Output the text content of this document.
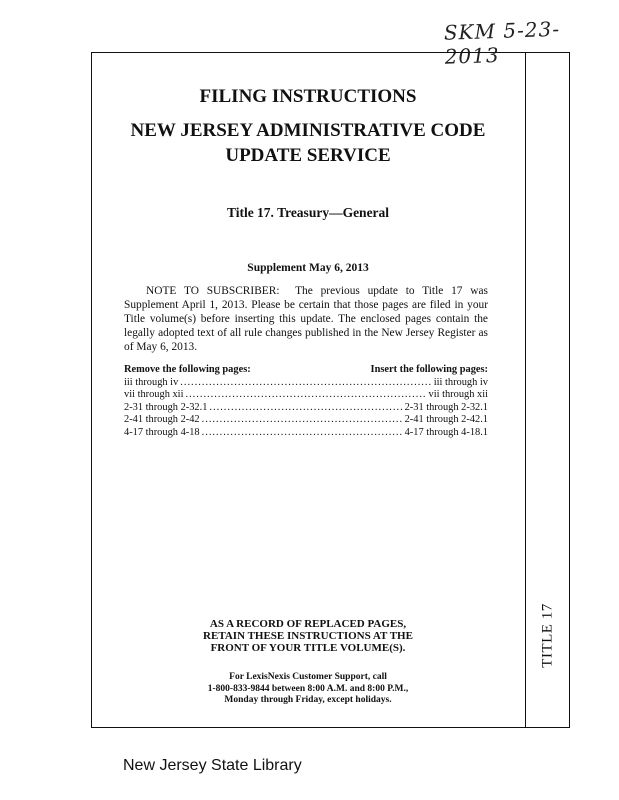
SKM 5-23-2013
TITLE 17
FILING INSTRUCTIONS
NEW JERSEY ADMINISTRATIVE CODE
UPDATE SERVICE
Title 17. Treasury—General
Supplement May 6, 2013
NOTE TO SUBSCRIBER: The previous update to Title 17 was Supplement April 1, 2013. Please be certain that those pages are filed in your Title volume(s) before inserting this update. The enclosed pages contain the legally adopted text of all rule changes published in the New Jersey Register as of May 6, 2013.
Remove the following pages:	Insert the following pages:
iii through iv .....	iii through iv
vii through xii .....	vii through xii
2-31 through 2-32.1 .....	2-31 through 2-32.1
2-41 through 2-42 .....	2-41 through 2-42.1
4-17 through 4-18 .....	4-17 through 4-18.1
AS A RECORD OF REPLACED PAGES,
RETAIN THESE INSTRUCTIONS AT THE
FRONT OF YOUR TITLE VOLUME(S).
For LexisNexis Customer Support, call
1-800-833-9844 between 8:00 A.M. and 8:00 P.M.,
Monday through Friday, except holidays.
New Jersey State Library
